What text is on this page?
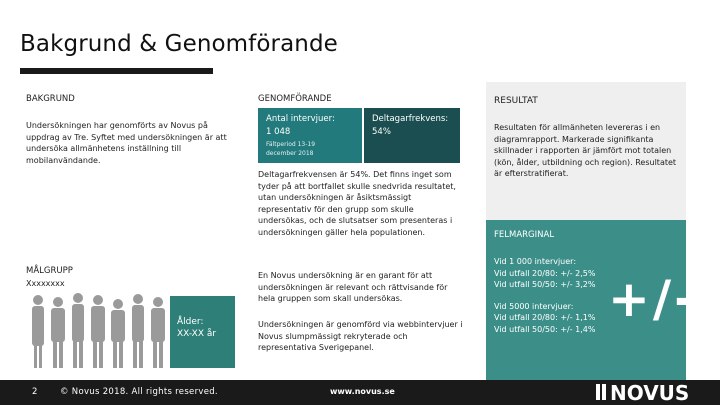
Bakgrund & Genomförande
BAKGRUND
Undersökningen har genomförts av Novus på uppdrag av Tre. Syftet med undersökningen är att undersöka allmänhetens inställning till mobilanvändande.
MÅLGRUPP
Xxxxxxxx
Ålder:
XX-XX år
GENOMFÖRANDE
Antal intervjuer:
1 048
Fältperiod 13-19 december 2018
Deltagarfrekvens:
54%
Deltagarfrekvensen är 54%. Det finns inget som tyder på att bortfallet skulle snedvrida resultatet, utan undersökningen är åsiktsmässigt representativ för den grupp som skulle undersökas, och de slutsatser som presenteras i undersökningen gäller hela populationen.
En Novus undersökning är en garant för att undersökningen är relevant och rättvisande för hela gruppen som skall undersökas.
Undersökningen är genomförd via webbintervjuer i Novus slumpmässigt rekryterade och representativa Sverigepanel.
RESULTAT
Resultaten för allmänheten levereras i en diagramrapport. Markerade signifikanta skillnader i rapporten är jämfört mot totalen (kön, ålder, utbildning och region). Resultatet är efterstratifierat.
FELMARGINAL
Vid 1 000 intervjuer:
Vid utfall 20/80: +/- 2,5%
Vid utfall 50/50: +/- 3,2%
Vid 5000 intervjuer:
Vid utfall 20/80: +/- 1,1%
Vid utfall 50/50: +/- 1,4%
+/-
2	© Novus 2018. All rights reserved.	www.novus.se	NOVUS
